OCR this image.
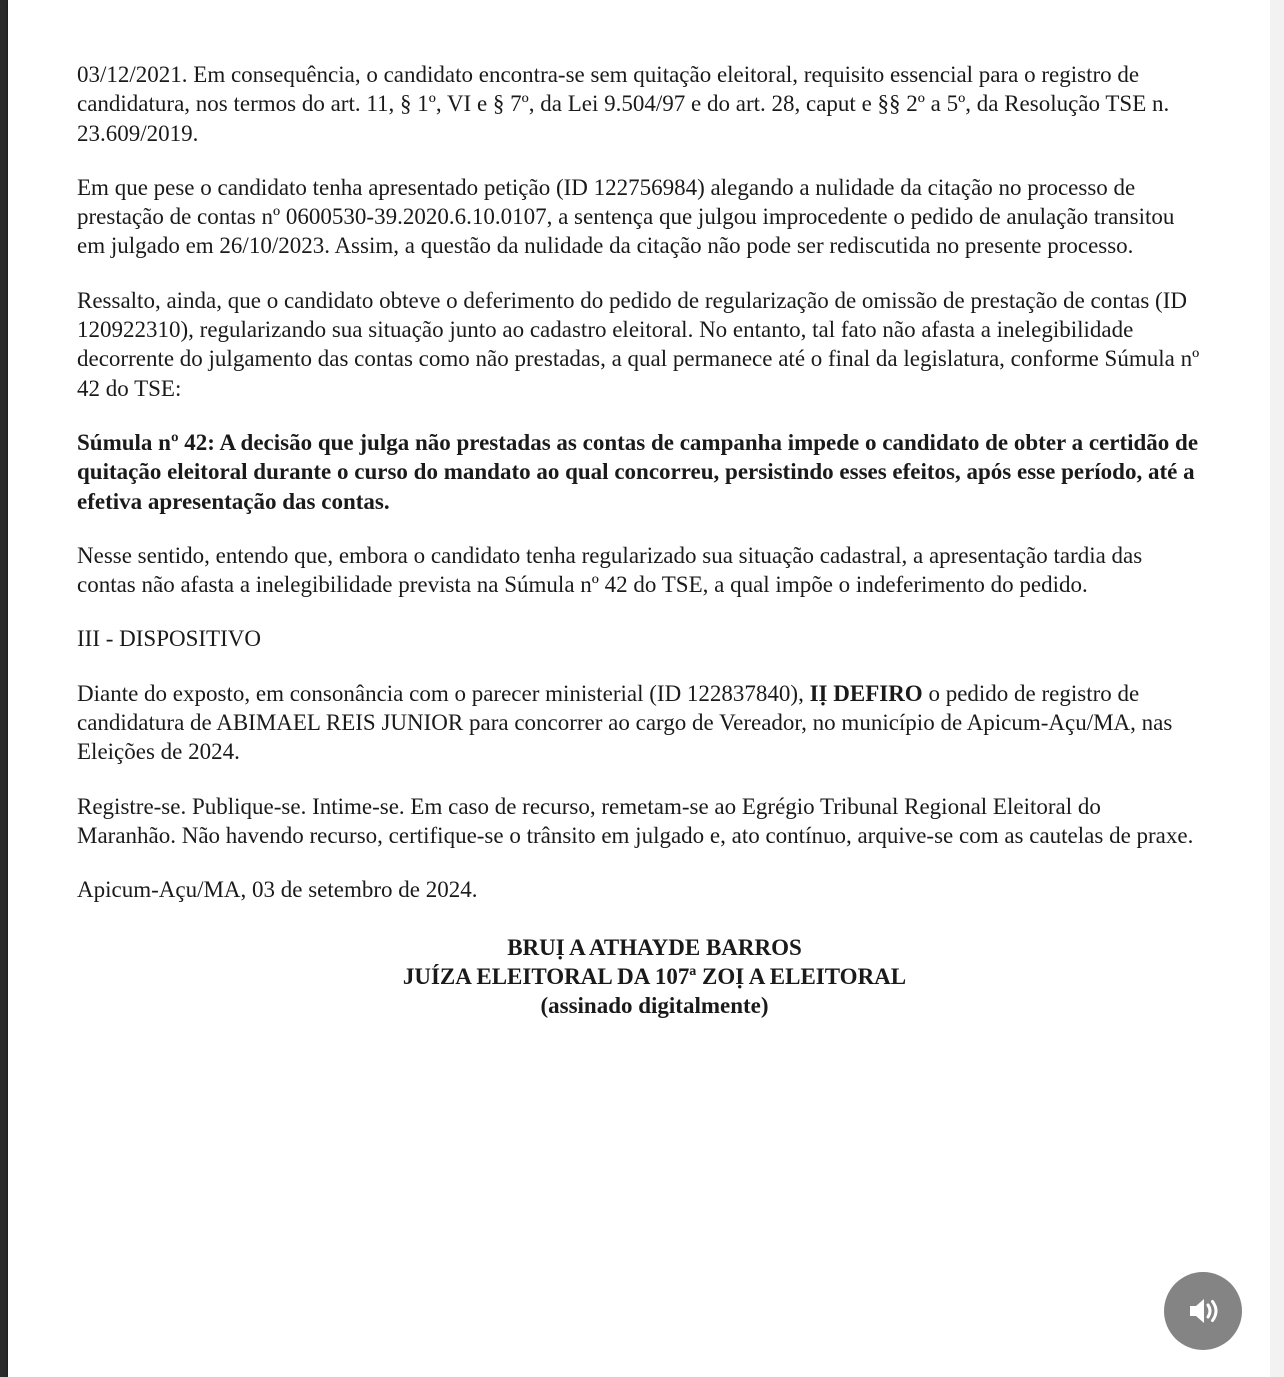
03/12/2021. Em consequência, o candidato encontra-se sem quitação eleitoral, requisito essencial para o registro de candidatura, nos termos do art. 11, § 1º, VI e § 7º, da Lei 9.504/97 e do art. 28, caput e §§ 2º a 5º, da Resolução TSE n. 23.609/2019.

Em que pese o candidato tenha apresentado petição (ID 122756984) alegando a nulidade da citação no processo de prestação de contas nº 0600530-39.2020.6.10.0107, a sentença que julgou improcedente o pedido de anulação transitou em julgado em 26/10/2023. Assim, a questão da nulidade da citação não pode ser rediscutida no presente processo.

Ressalto, ainda, que o candidato obteve o deferimento do pedido de regularização de omissão de prestação de contas (ID 120922310), regularizando sua situação junto ao cadastro eleitoral. No entanto, tal fato não afasta a inelegibilidade decorrente do julgamento das contas como não prestadas, a qual permanece até o final da legislatura, conforme Súmula nº 42 do TSE:

Súmula nº 42: A decisão que julga não prestadas as contas de campanha impede o candidato de obter a certidão de quitação eleitoral durante o curso do mandato ao qual concorreu, persistindo esses efeitos, após esse período, até a efetiva apresentação das contas.

Nesse sentido, entendo que, embora o candidato tenha regularizado sua situação cadastral, a apresentação tardia das contas não afasta a inelegibilidade prevista na Súmula nº 42 do TSE, a qual impõe o indeferimento do pedido.

III - DISPOSITIVO

Diante do exposto, em consonância com o parecer ministerial (ID 122837840), IỊ DEFIRO o pedido de registro de candidatura de ABIMAEL REIS JUNIOR para concorrer ao cargo de Vereador, no município de Apicum-Açu/MA, nas Eleições de 2024.

Registre-se. Publique-se. Intime-se. Em caso de recurso, remetam-se ao Egrégio Tribunal Regional Eleitoral do Maranhão. Não havendo recurso, certifique-se o trânsito em julgado e, ato contínuo, arquive-se com as cautelas de praxe.

Apicum-Açu/MA, 03 de setembro de 2024.

BRUỊ A ATHAYDE BARROS
JUÍZA ELEITORAL DA 107ª ZOỊ A ELEITORAL
(assinado digitalmente)
